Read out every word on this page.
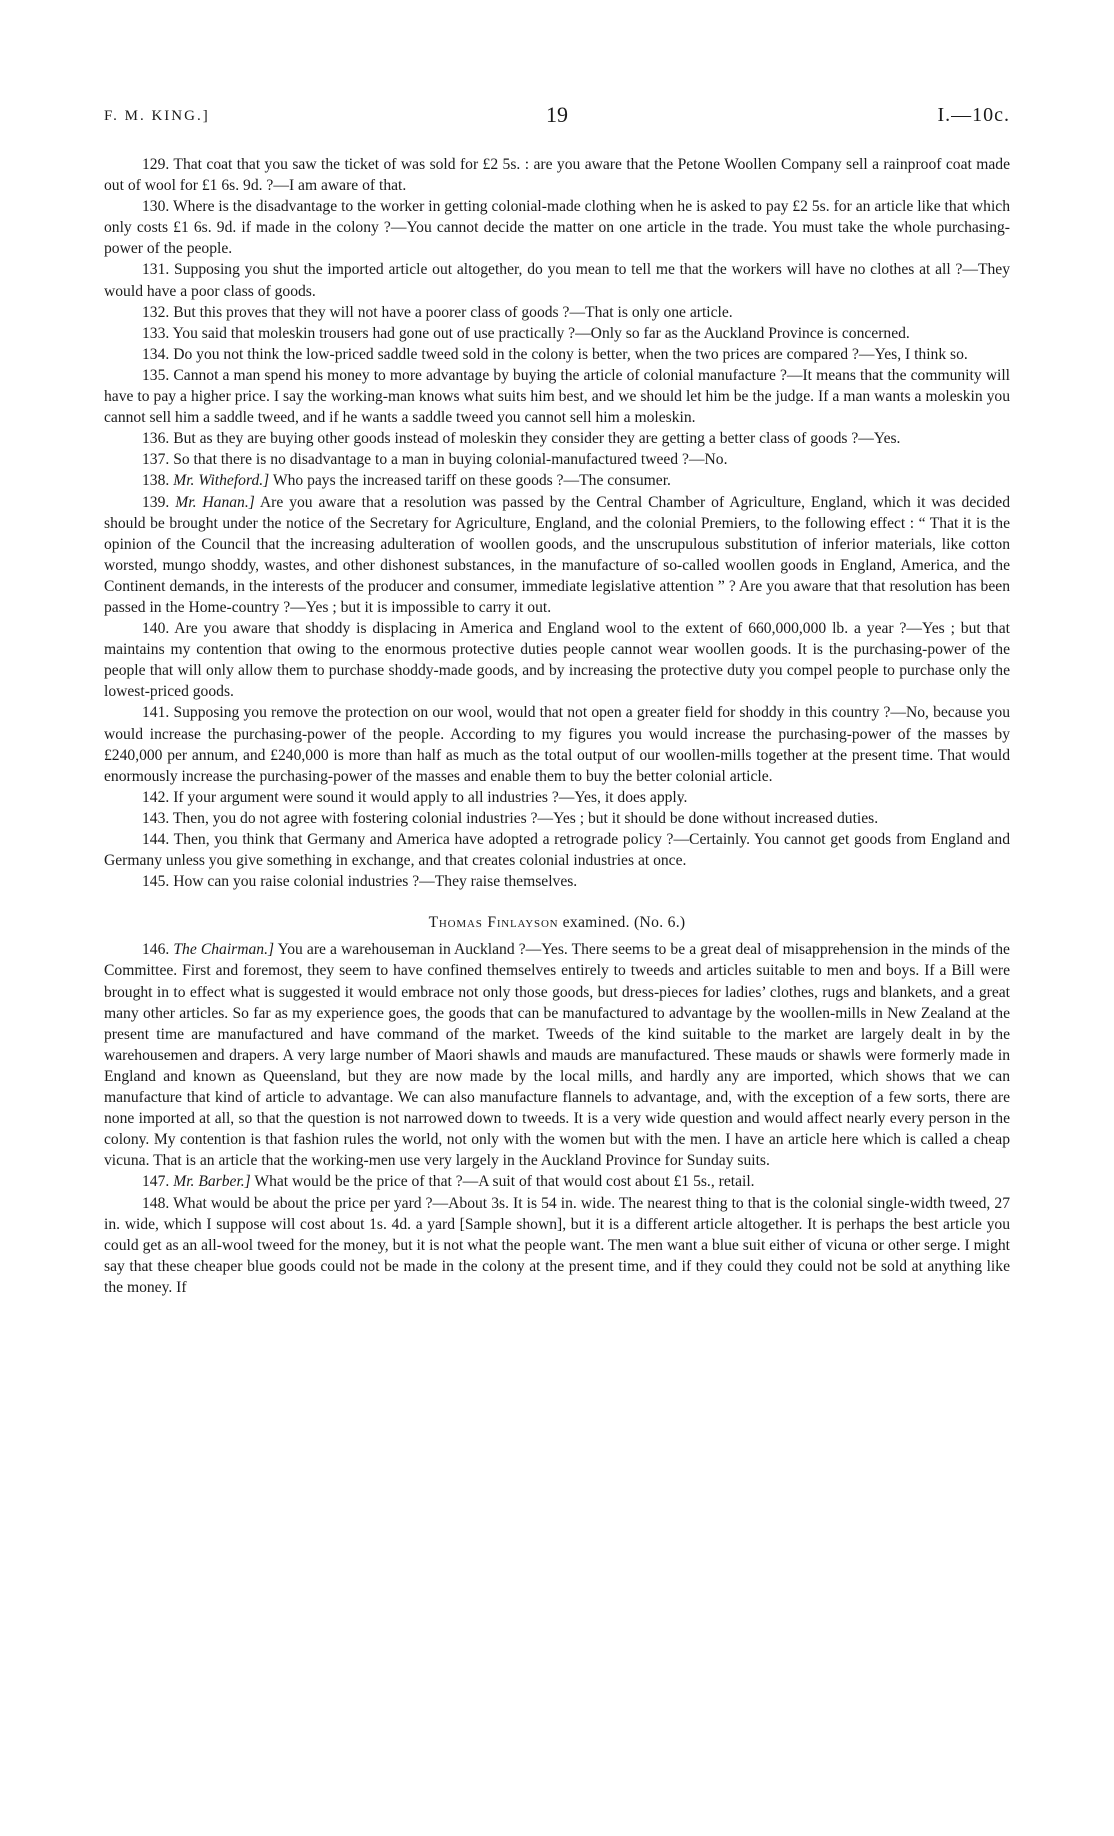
F. M. KING.]	19	I.—10c.

129. That coat that you saw the ticket of was sold for £2 5s. : are you aware that the Petone Woollen Company sell a rainproof coat made out of wool for £1 6s. 9d. ?—I am aware of that.

130. Where is the disadvantage to the worker in getting colonial-made clothing when he is asked to pay £2 5s. for an article like that which only costs £1 6s. 9d. if made in the colony ?—You cannot decide the matter on one article in the trade. You must take the whole purchasing-power of the people.

131. Supposing you shut the imported article out altogether, do you mean to tell me that the workers will have no clothes at all ?—They would have a poor class of goods.

132. But this proves that they will not have a poorer class of goods ?—That is only one article.

133. You said that moleskin trousers had gone out of use practically ?—Only so far as the Auckland Province is concerned.

134. Do you not think the low-priced saddle tweed sold in the colony is better, when the two prices are compared ?—Yes, I think so.

135. Cannot a man spend his money to more advantage by buying the article of colonial manufacture ?—It means that the community will have to pay a higher price. I say the working-man knows what suits him best, and we should let him be the judge. If a man wants a moleskin you cannot sell him a saddle tweed, and if he wants a saddle tweed you cannot sell him a moleskin.

136. But as they are buying other goods instead of moleskin they consider they are getting a better class of goods ?—Yes.

137. So that there is no disadvantage to a man in buying colonial-manufactured tweed ?—No.

138. Mr. Witheford.] Who pays the increased tariff on these goods ?—The consumer.

139. Mr. Hanan.] Are you aware that a resolution was passed by the Central Chamber of Agriculture, England, which it was decided should be brought under the notice of the Secretary for Agriculture, England, and the colonial Premiers, to the following effect : “ That it is the opinion of the Council that the increasing adulteration of woollen goods, and the unscrupulous substitution of inferior materials, like cotton worsted, mungo shoddy, wastes, and other dishonest substances, in the manufacture of so-called woollen goods in England, America, and the Continent demands, in the interests of the producer and consumer, immediate legislative attention ” ? Are you aware that that resolution has been passed in the Home-country ?—Yes ; but it is impossible to carry it out.

140. Are you aware that shoddy is displacing in America and England wool to the extent of 660,000,000 lb. a year ?—Yes ; but that maintains my contention that owing to the enormous protective duties people cannot wear woollen goods. It is the purchasing-power of the people that will only allow them to purchase shoddy-made goods, and by increasing the protective duty you compel people to purchase only the lowest-priced goods.

141. Supposing you remove the protection on our wool, would that not open a greater field for shoddy in this country ?—No, because you would increase the purchasing-power of the people. According to my figures you would increase the purchasing-power of the masses by £240,000 per annum, and £240,000 is more than half as much as the total output of our woollen-mills together at the present time. That would enormously increase the purchasing-power of the masses and enable them to buy the better colonial article.

142. If your argument were sound it would apply to all industries ?—Yes, it does apply.

143. Then, you do not agree with fostering colonial industries ?—Yes ; but it should be done without increased duties.

144. Then, you think that Germany and America have adopted a retrograde policy ?—Certainly. You cannot get goods from England and Germany unless you give something in exchange, and that creates colonial industries at once.

145. How can you raise colonial industries ?—They raise themselves.

Thomas Finlayson examined. (No. 6.)

146. The Chairman.] You are a warehouseman in Auckland ?—Yes. There seems to be a great deal of misapprehension in the minds of the Committee. First and foremost, they seem to have confined themselves entirely to tweeds and articles suitable to men and boys. If a Bill were brought in to effect what is suggested it would embrace not only those goods, but dress-pieces for ladies’ clothes, rugs and blankets, and a great many other articles. So far as my experience goes, the goods that can be manufactured to advantage by the woollen-mills in New Zealand at the present time are manufactured and have command of the market. Tweeds of the kind suitable to the market are largely dealt in by the warehousemen and drapers. A very large number of Maori shawls and mauds are manufactured. These mauds or shawls were formerly made in England and known as Queensland, but they are now made by the local mills, and hardly any are imported, which shows that we can manufacture that kind of article to advantage. We can also manufacture flannels to advantage, and, with the exception of a few sorts, there are none imported at all, so that the question is not narrowed down to tweeds. It is a very wide question and would affect nearly every person in the colony. My contention is that fashion rules the world, not only with the women but with the men. I have an article here which is called a cheap vicuna. That is an article that the working-men use very largely in the Auckland Province for Sunday suits.

147. Mr. Barber.] What would be the price of that ?—A suit of that would cost about £1 5s., retail.

148. What would be about the price per yard ?—About 3s. It is 54 in. wide. The nearest thing to that is the colonial single-width tweed, 27 in. wide, which I suppose will cost about 1s. 4d. a yard [Sample shown], but it is a different article altogether. It is perhaps the best article you could get as an all-wool tweed for the money, but it is not what the people want. The men want a blue suit either of vicuna or other serge. I might say that these cheaper blue goods could not be made in the colony at the present time, and if they could they could not be sold at anything like the money. If
